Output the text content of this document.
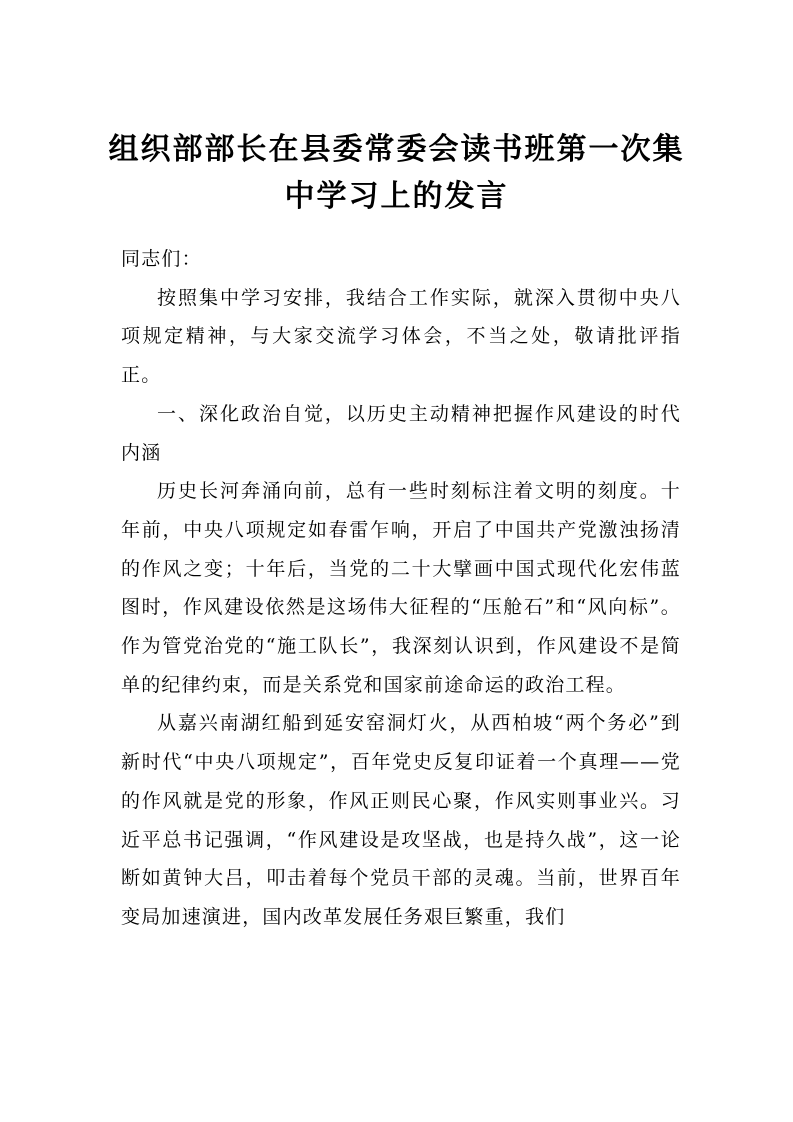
组织部部长在县委常委会读书班第一次集
中学习上的发言

同志们：

按照集中学习安排，我结合工作实际，就深入贯彻中央八项规定精神，与大家交流学习体会，不当之处，敬请批评指正。

一、深化政治自觉，以历史主动精神把握作风建设的时代内涵

历史长河奔涌向前，总有一些时刻标注着文明的刻度。十年前，中央八项规定如春雷乍响，开启了中国共产党激浊扬清的作风之变；十年后，当党的二十大擘画中国式现代化宏伟蓝图时，作风建设依然是这场伟大征程的“压舱石”和“风向标”。作为管党治党的“施工队长”，我深刻认识到，作风建设不是简单的纪律约束，而是关系党和国家前途命运的政治工程。

从嘉兴南湖红船到延安窑洞灯火，从西柏坡“两个务必”到新时代“中央八项规定”，百年党史反复印证着一个真理——党的作风就是党的形象，作风正则民心聚，作风实则事业兴。习近平总书记强调，“作风建设是攻坚战，也是持久战”，这一论断如黄钟大吕，叩击着每个党员干部的灵魂。当前，世界百年变局加速演进，国内改革发展任务艰巨繁重，我们
